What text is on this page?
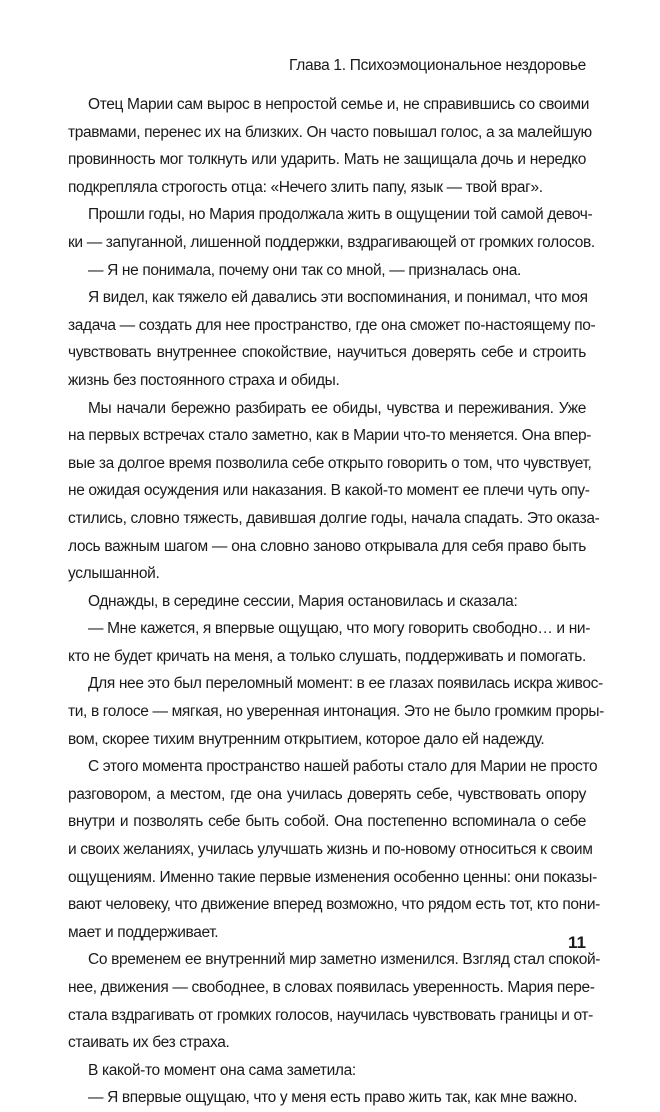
Глава 1. Психоэмоциональное нездоровье
Отец Марии сам вырос в непростой семье и, не справившись со своими
травмами, перенес их на близких. Он часто повышал голос, а за малейшую
провинность мог толкнуть или ударить. Мать не защищала дочь и нередко
подкрепляла строгость отца: «Нечего злить папу, язык — твой враг».
Прошли годы, но Мария продолжала жить в ощущении той самой девоч-
ки — запуганной, лишенной поддержки, вздрагивающей от громких голосов.
— Я не понимала, почему они так со мной, — призналась она.
Я видел, как тяжело ей давались эти воспоминания, и понимал, что моя
задача — создать для нее пространство, где она сможет по-настоящему по-
чувствовать внутреннее спокойствие, научиться доверять себе и строить
жизнь без постоянного страха и обиды.
Мы начали бережно разбирать ее обиды, чувства и переживания. Уже
на первых встречах стало заметно, как в Марии что-то меняется. Она впер-
вые за долгое время позволила себе открыто говорить о том, что чувствует,
не ожидая осуждения или наказания. В какой-то момент ее плечи чуть опу-
стились, словно тяжесть, давившая долгие годы, начала спадать. Это оказа-
лось важным шагом — она словно заново открывала для себя право быть
услышанной.
Однажды, в середине сессии, Мария остановилась и сказала:
— Мне кажется, я впервые ощущаю, что могу говорить свободно… и ни-
кто не будет кричать на меня, а только слушать, поддерживать и помогать.
Для нее это был переломный момент: в ее глазах появилась искра живос-
ти, в голосе — мягкая, но уверенная интонация. Это не было громким проры-
вом, скорее тихим внутренним открытием, которое дало ей надежду.
С этого момента пространство нашей работы стало для Марии не просто
разговором, а местом, где она училась доверять себе, чувствовать опору
внутри и позволять себе быть собой. Она постепенно вспоминала о себе
и своих желаниях, училась улучшать жизнь и по-новому относиться к своим
ощущениям. Именно такие первые изменения особенно ценны: они показы-
вают человеку, что движение вперед возможно, что рядом есть тот, кто пони-
мает и поддерживает.
Со временем ее внутренний мир заметно изменился. Взгляд стал спокой-
нее, движения — свободнее, в словах появилась уверенность. Мария пере-
стала вздрагивать от громких голосов, научилась чувствовать границы и от-
стаивать их без страха.
В какой-то момент она сама заметила:
— Я впервые ощущаю, что у меня есть право жить так, как мне важно.
11
